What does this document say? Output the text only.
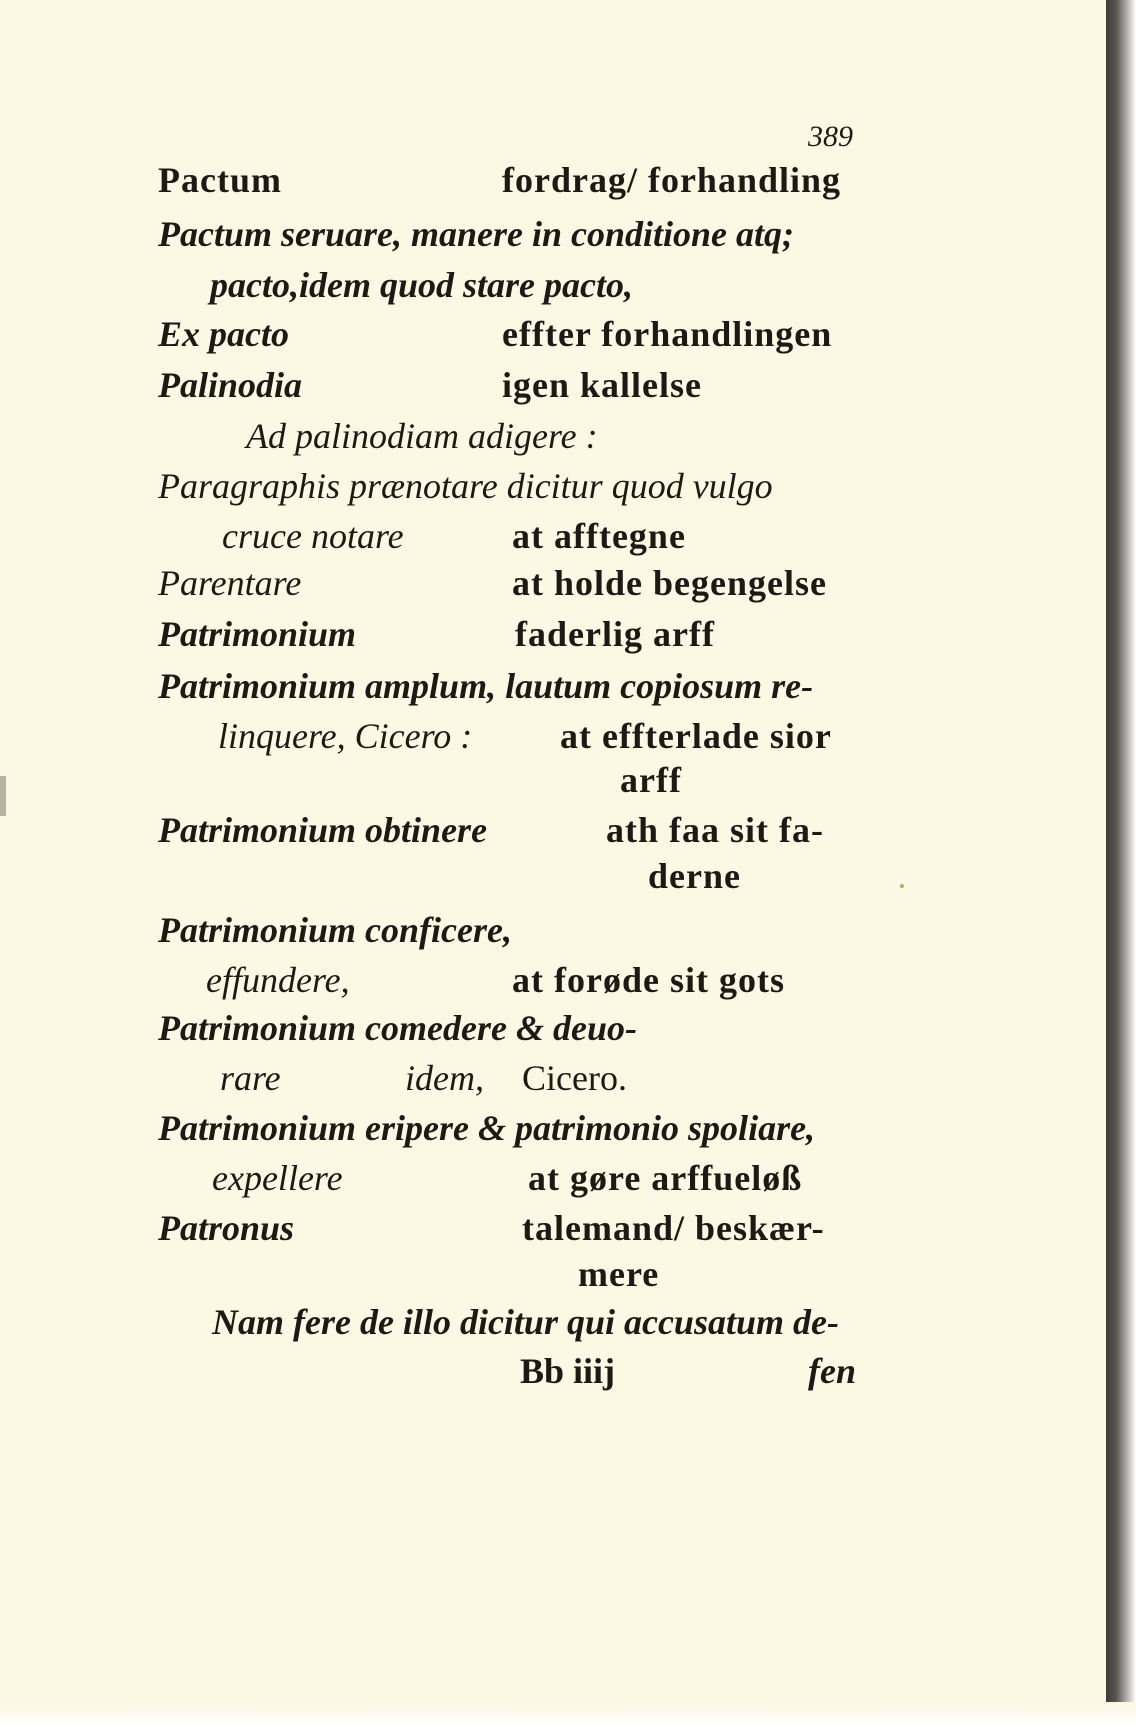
389
Pactum	fordrag/ forhandling
Pactum seruare, manere in conditione atq;
pacto,idem quod stare pacto,
Ex pacto	effter forhandlingen
Palinodia	igen kallelse
Ad palinodiam adigere :
Paragraphis prænotare dicitur quod vulgo
cruce notare	at afftegne
Parentare	at holde begengelse
Patrimonium	faderlig arff
Patrimonium amplum, lautum copiosum re-
linquere, Cicero : at effterlade sior
arff
Patrimonium obtinere	ath faa sit fa-
derne
Patrimonium conficere,
effundere,	at forøde sit gots
Patrimonium comedere & deuo-
rare	idem, Cicero.
Patrimonium eripere & patrimonio spoliare,
expellere	at gøre arffueløß
Patronus	talemand/ beskær-
mere
Nam fere de illo dicitur qui accusatum de-
Bb iiij	fen
